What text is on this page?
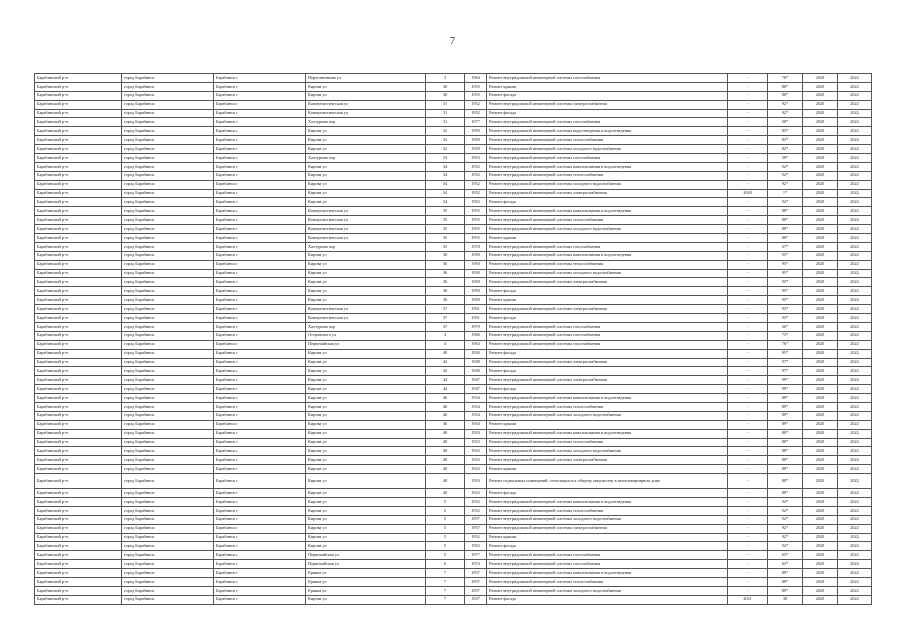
7
Барабинский р-н	город Барабинск	Барабинск г	Пероганинкова ул	3	1964	Ремонт внутридомовой инженерной системы газоснабжения	-	76*	2020	2022
Барабинский р-н	город Барабинск	Барабинск г	Кирова ул	30	1955	Ремонт крыши	-	88*	2020	2022
Барабинский р-н	город Барабинск	Барабинск г	Кирова ул	30	1955	Ремонт фасада	-	88*	2020	2022
Барабинский р-н	город Барабинск	Барабинск г	Коммунистическая ул	31	1952	Ремонт внутридомовой инженерной системы электроснабжения	-	92*	2020	2022
Барабинский р-н	город Барабинск	Барабинск г	Коммунистическая ул	31	1952	Ремонт фасада	-	92*	2020	2022
Барабинский р-н	город Барабинск	Барабинск г	Халтурина пер	31	1977	Ремонт внутридомовой инженерной системы газоснабжения	-	39*	2020	2022
Барабинский р-н	город Барабинск	Барабинск г	Кирова ул	32	1959	Ремонт внутридомовой инженерной системы водоотведения и водоотведения	-	83*	2020	2022
Барабинский р-н	город Барабинск	Барабинск г	Кирова ул	32	1959	Ремонт внутридомовой инженерной системы теплоснабжения	-	83*	2020	2022
Барабинский р-н	город Барабинск	Барабинск г	Кирова ул	32	1959	Ремонт внутридомовой инженерной системы холодного водоснабжения	-	82*	2020	2022
Барабинский р-н	город Барабинск	Барабинск г	Халтурина пер	33	1953	Ремонт внутридомовой инженерной системы газоснабжения	-	39*	2020	2022
Барабинский р-н	город Барабинск	Барабинск г	Кирова ул	34	1952	Ремонт внутридомовой инженерной системы канализования и водоотведения	-	92*	2020	2022
Барабинский р-н	город Барабинск	Барабинск г	Кирова ул	34	1952	Ремонт внутридомовой инженерной системы теплоснабжения	-	92*	2020	2022
Барабинский р-н	город Барабинск	Барабинск г	Кирова ул	34	1952	Ремонт внутридомовой инженерной системы холодного водоснабжения	-	92*	2020	2022
Барабинский р-н	город Барабинск	Барабинск г	Кирова ул	34	1952	Ремонт внутридомовой инженерной системы электроснабжения	2020	1*	2020	2022
Барабинский р-н	город Барабинск	Барабинск г	Кирова ул	34	1952	Ремонт фасада	-	92*	2020	2022
Барабинский р-н	город Барабинск	Барабинск г	Коммунистическая ул	35	1955	Ремонт внутридомовой инженерной системы канализования и водоотведения	-	88*	2020	2022
Барабинский р-н	город Барабинск	Барабинск г	Коммунистическая ул	35	1955	Ремонт внутридомовой инженерной системы теплоснабжения	-	88*	2020	2022
Барабинский р-н	город Барабинск	Барабинск г	Коммунистическая ул	35	1955	Ремонт внутридомовой инженерной системы холодного водоснабжения	-	88*	2020	2022
Барабинский р-н	город Барабинск	Барабинск г	Коммунистическая ул	35	1955	Ремонт крыши	-	88*	2020	2022
Барабинский р-н	город Барабинск	Барабинск г	Халтурина пер	35	1978	Ремонт внутридомовой инженерной системы газоснабжения	-	37*	2020	2022
Барабинский р-н	город Барабинск	Барабинск г	Кирова ул	36	1950	Ремонт внутридомовой инженерной системы канализования и водоотведения	-	95*	2020	2022
Барабинский р-н	город Барабинск	Барабинск г	Кирова ул	36	1950	Ремонт внутридомовой инженерной системы теплоснабжения	-	95*	2020	2022
Барабинский р-н	город Барабинск	Барабинск г	Кирова ул	36	1950	Ремонт внутридомовой инженерной системы холодного водоснабжения	-	95*	2020	2022
Барабинский р-н	город Барабинск	Барабинск г	Кирова ул	36	1950	Ремонт внутридомовой инженерной системы электроснабжения	-	95*	2020	2022
Барабинский р-н	город Барабинск	Барабинск г	Кирова ул	36	1950	Ремонт фасада	-	95*	2020	2022
Барабинский р-н	город Барабинск	Барабинск г	Кирова ул	36	1950	Ремонт крыши	-	95*	2020	2022
Барабинский р-н	город Барабинск	Барабинск г	Коммунистическая ул	37	1951	Ремонт внутридомовой инженерной системы электроснабжения	-	93*	2020	2022
Барабинский р-н	город Барабинск	Барабинск г	Коммунистическая ул	37	1951	Ремонт фасада	-	93*	2020	2022
Барабинский р-н	город Барабинск	Барабинск г	Халтурина пер	37	1979	Ремонт внутридомовой инженерной системы газоснабжения	-	36*	2020	2022
Барабинский р-н	город Барабинск	Барабинск г	Островского ул	4	1966	Ремонт внутридомовой инженерной системы газоснабжения	-	73*	2020	2022
Барабинский р-н	город Барабинск	Барабинск г	Первомайская ул	4	1964	Ремонт внутридомовой инженерной системы газоснабжения	-	76*	2020	2022
Барабинский р-н	город Барабинск	Барабинск г	Кирова ул	40	1930	Ремонт фасада	-	95*	2020	2022
Барабинский р-н	город Барабинск	Барабинск г	Кирова ул	42	1948	Ремонт внутридомовой инженерной системы электроснабжения	-	97*	2020	2022
Барабинский р-н	город Барабинск	Барабинск г	Кирова ул	42	1948	Ремонт фасада	-	97*	2020	2022
Барабинский р-н	город Барабинск	Барабинск г	Кирова ул	44	1947	Ремонт внутридомовой инженерной системы электроснабжения	-	99*	2020	2022
Барабинский р-н	город Барабинск	Барабинск г	Кирова ул	44	1947	Ремонт фасада	-	99*	2020	2022
Барабинский р-н	город Барабинск	Барабинск г	Кирова ул	46	1934	Ремонт внутридомовой инженерной системы канализования и водоотведения	-	89*	2020	2022
Барабинский р-н	город Барабинск	Барабинск г	Кирова ул	46	1934	Ремонт внутридомовой инженерной системы теплоснабжения	-	89*	2020	2022
Барабинский р-н	город Барабинск	Барабинск г	Кирова ул	46	1934	Ремонт внутридомовой инженерной системы холодного водоснабжения	-	89*	2020	2022
Барабинский р-н	город Барабинск	Барабинск г	Кирова ул	46	1934	Ремонт крыши	-	89*	2020	2022
Барабинский р-н	город Барабинск	Барабинск г	Кирова ул	48	1933	Ремонт внутридомовой инженерной системы канализования и водоотведения	-	88*	2020	2022
Барабинский р-н	город Барабинск	Барабинск г	Кирова ул	48	1933	Ремонт внутридомовой инженерной системы теплоснабжения	-	88*	2020	2022
Барабинский р-н	город Барабинск	Барабинск г	Кирова ул	48	1933	Ремонт внутридомовой инженерной системы холодного водоснабжения	-	88*	2020	2022
Барабинский р-н	город Барабинск	Барабинск г	Кирова ул	48	1933	Ремонт внутридомовой инженерной системы электроснабжения	-	88*	2020	2022
Барабинский р-н	город Барабинск	Барабинск г	Кирова ул	48	1933	Ремонт крыши	-	88*	2020	2022
Барабинский р-н	город Барабинск	Барабинск г	Кирова ул	48	1933	Ремонт подвальных помещений, относящихся к общему имуществу в многоквартирном доме	-	88*	2020	2022
Барабинский р-н	город Барабинск	Барабинск г	Кирова ул	48	1933	Ремонт фасада	-	88*	2020	2022
Барабинский р-н	город Барабинск	Барабинск г	Кирова ул	5	1952	Ремонт внутридомовой инженерной системы канализования и водоотведения	-	92*	2020	2022
Барабинский р-н	город Барабинск	Барабинск г	Кирова ул	5	1952	Ремонт внутридомовой инженерной системы теплоснабжения	-	92*	2020	2022
Барабинский р-н	город Барабинск	Барабинск г	Кирова ул	5	1957	Ремонт внутридомовой инженерной системы холодного водоснабжения	-	92*	2020	2022
Барабинский р-н	город Барабинск	Барабинск г	Кирова ул	5	1957	Ремонт внутридомовой инженерной системы электроснабжения	-	92*	2020	2022
Барабинский р-н	город Барабинск	Барабинск г	Кирова ул	5	1952	Ремонт крыши	-	92*	2020	2022
Барабинский р-н	город Барабинск	Барабинск г	Кирова ул	5	1952	Ремонт фасада	-	92*	2020	2022
Барабинский р-н	город Барабинск	Барабинск г	Первомайская ул	5	1977	Ремонт внутридомовой инженерной системы газоснабжения	-	63*	2020	2022
Барабинский р-н	город Барабинск	Барабинск г	Первомайская ул	6	1974	Ремонт внутридомовой инженерной системы газоснабжения	-	63*	2020	2022
Барабинский р-н	город Барабинск	Барабинск г	Ермака ул	7	1957	Ремонт внутридомовой инженерной системы канализования и водоотведения	-	89*	2020	2022
Барабинский р-н	город Барабинск	Барабинск г	Ермака ул	7	1957	Ремонт внутридомовой инженерной системы теплоснабжения	-	89*	2020	2022
Барабинский р-н	город Барабинск	Барабинск г	Ермака ул	7	1957	Ремонт внутридомовой инженерной системы холодного водоснабжения	-	89*	2020	2022
Барабинский р-н	город Барабинск	Барабинск г	Кирова ул	7	1937	Ремонт фасада	2021	38	2020	2022
